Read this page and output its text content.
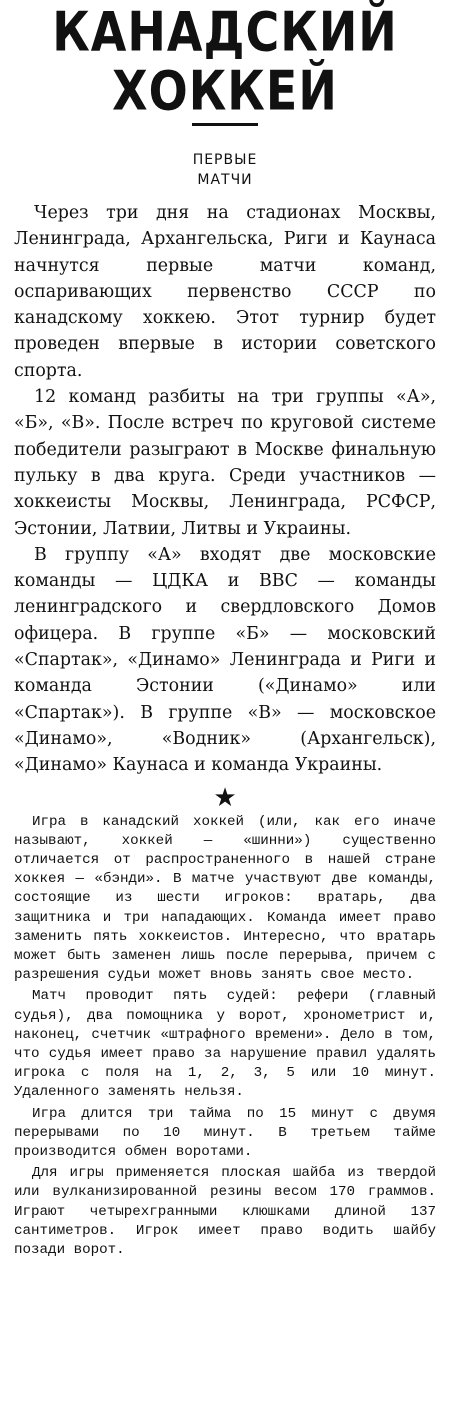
КАНАДСКИЙ
ХОККЕЙ
ПЕРВЫЕ
МАТЧИ

Через три дня на стадионах Москвы, Ленинграда, Архангельска, Риги и Каунаса начнутся первые матчи команд, оспаривающих первенство СССР по канадскому хоккею. Этот турнир будет проведен впервые в истории советского спорта.

12 команд разбиты на три группы «А», «Б», «В». После встреч по круговой системе победители разыграют в Москве финальную пульку в два круга. Среди участников — хоккеисты Москвы, Ленинграда, РСФСР, Эстонии, Латвии, Литвы и Украины.

В группу «А» входят две московские команды — ЦДКА и ВВС — команды ленинградского и свердловского Домов офицера. В группе «Б» — московский «Спартак», «Динамо» Ленинграда и Риги и команда Эстонии («Динамо» или «Спартак»). В группе «В» — московское «Динамо», «Водник» (Архангельск), «Динамо» Каунаса и команда Украины.

★

Игра в канадский хоккей (или, как его иначе называют, хоккей — «шинни») существенно отличается от распространенного в нашей стране хоккея — «бэнди». В матче участвуют две команды, состоящие из шести игроков: вратарь, два защитника и три нападающих. Команда имеет право заменить пять хоккеистов. Интересно, что вратарь может быть заменен лишь после перерыва, причем с разрешения судьи может вновь занять свое место.

Матч проводит пять судей: рефери (главный судья), два помощника у ворот, хронометрист и, наконец, счетчик «штрафного времени». Дело в том, что судья имеет право за нарушение правил удалять игрока с поля на 1, 2, 3, 5 или 10 минут. Удаленного заменять нельзя.

Игра длится три тайма по 15 минут с двумя перерывами по 10 минут. В третьем тайме производится обмен воротами.

Для игры применяется плоская шайба из твердой или вулканизированной резины весом 170 граммов. Играют четырехгранными клюшками длиной 137 сантиметров. Игрок имеет право водить шайбу позади ворот.
